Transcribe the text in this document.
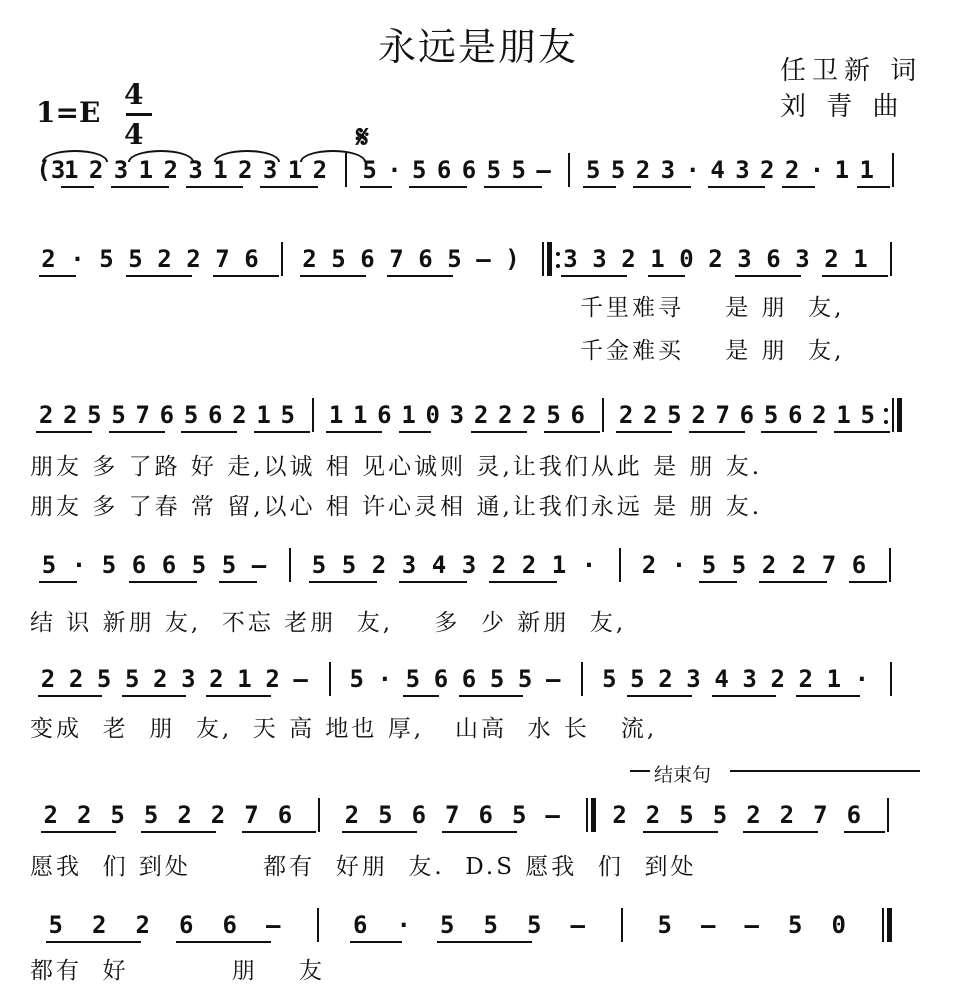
永远是朋友
任卫新 词
刘 青 曲
1=E
4
4	𝄋
结束句
(3
1 2 3 1 2 3 1 2 3 1 2 5 · 5 6 6 5 5 – 5 5 2 3 · 4 3 2 2 · 1 1
2 · 5 5 2 2 7 6 2 5 6 7 6 5 – ) 3 3 2 1 0 2 3 6 3 2 1
千里难寻    是 朋  友,
千金难买    是 朋  友,
2 2 5 5 7 6 5 6 2 1 5 1 1 6 1 0 3 2 2 2 5 6 2 2 5 2 7 6 5 6 2 1 5
朋友 多 了路 好 走,以诚 相 见心诚则 灵,让我们从此 是 朋 友.
朋友 多 了春 常 留,以心 相 许心灵相 通,让我们永远 是 朋 友.
5 · 5 6 6 5 5 – 5 5 2 3 4 3 2 2 1 · 2 · 5 5 2 2 7 6
结 识 新朋 友,  不忘 老朋  友,    多  少 新朋  友,
2 2 5 5 2 3 2 1 2 – 5 · 5 6 6 5 5 – 5 5 2 3 4 3 2 2 1 ·
变成  老  朋  友,  天 高 地也 厚,   山高  水 长   流,
2 2 5 5 2 2 7 6 2 5 6 7 6 5 – 2 2 5 5 2 2 7 6
愿我  们 到处       都有  好朋  友.  D.S 愿我  们  到处
5 2 2 6 6 –	6 · 5 5 5 –	5 – – 5 0
都有  好          朋    友
